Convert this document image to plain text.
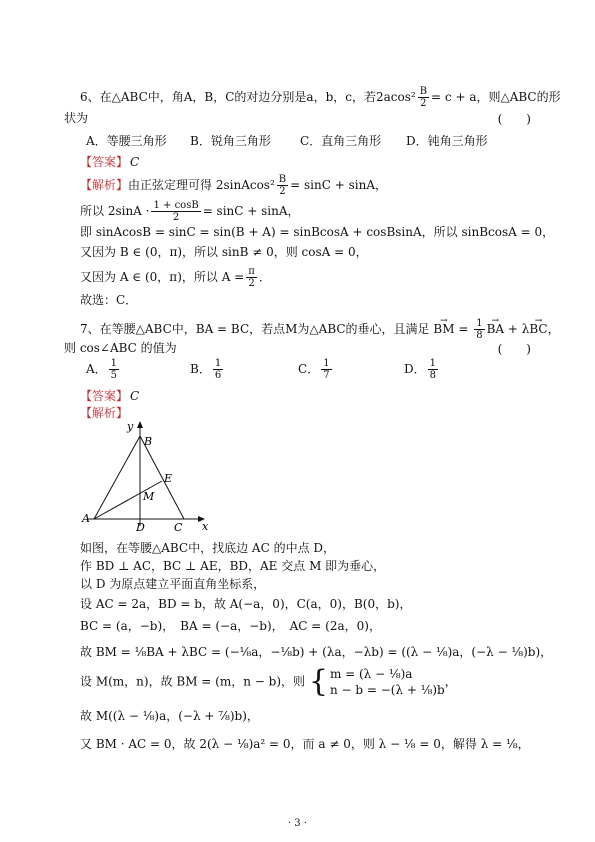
6、在△ABC中，角A，B，C的对边分别是a，b，c，若$2acos^2 \frac{B}{2} = c + a$，则△ABC的形
状为	(　　)
A．等腰三角形 B．锐角三角形 C．直角三角形 D．钝角三角形
【答案】 C
【解析】由正弦定理可得 2sinAcos² $\frac{B}{2} = \sin C + \sin A$，
所以 $2\sin A \cdot \frac{1 + \cos B}{2} = \sin C + \sin A$，
即 sinAcosB = sinC = sin(B + A) = sinBcosA + cosBsinA，所以 sinBcosA = 0，
又因为 B ∈ (0，π)，所以 sinB ≠ 0，则 cosA = 0，
又因为 A ∈ (0，π)，所以 $A = \frac{\pi}{2}$ ．
故选：C．
7、在等腰△ABC中，BA = BC，若点M为△ABC的垂心，且满足 → BM = $\frac{1}{8}$ → BA + λ→ BC，
则 cos∠ABC 的值为	(　　)
A． $\frac{1}{5}$	B． $\frac{1}{6}$	C． $\frac{1}{7}$	D． $\frac{1}{8}$
【答案】 C
【解析】
y
B
E
M
A
D	C x
如图，在等腰△ABC中，找底边 AC 的中点 D，
作 BD ⊥ AC，BC ⊥ AE，BD，AE 交点 M 即为垂心，
以 D 为原点建立平面直角坐标系，
设 AC = 2a，BD = b，故 A(−a，0)，C(a，0)，B(0，b)，
BC = (a，−b)，　BA = (−a，−b)，　AC = (2a，0)，
故 BM = ⅛BA + λBC = (−⅛a，−⅛b) + (λa，−λb) = ((λ − ⅛)a，(−λ − ⅛)b)，
设 M(m，n)，故 BM = (m，n − b)，则 { m = (λ − ⅛)a
n − b = −(λ + ⅛)b
，
故 M((λ − ⅛)a，(−λ + ⅞)b)，
又 BM · AC = 0，故 2(λ − ⅛)a² = 0，而 a ≠ 0，则 λ − ⅛ = 0，解得 λ = ⅛，
· 3 ·
